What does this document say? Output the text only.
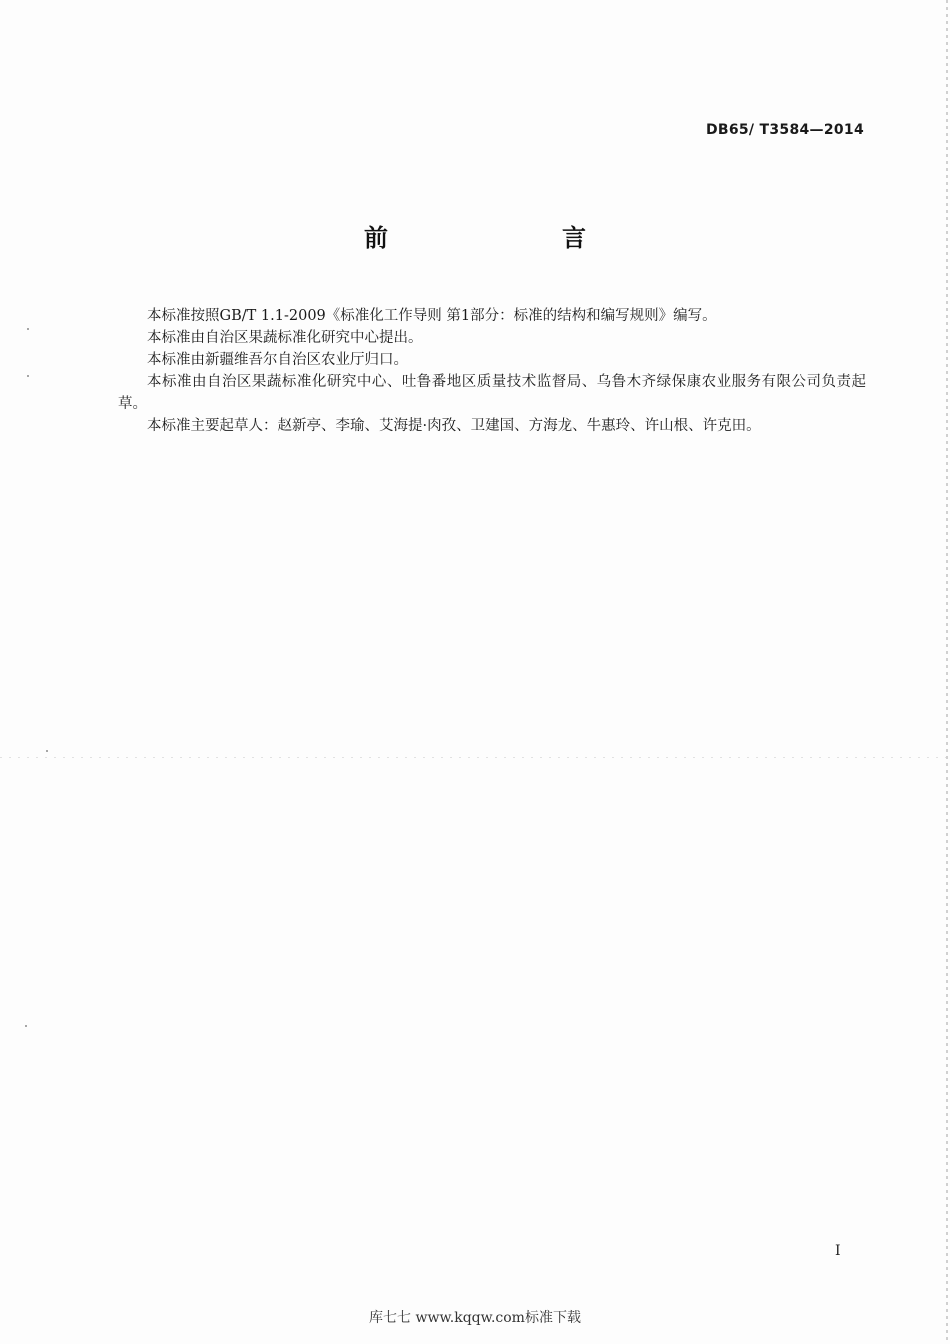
DB65/ T3584—2014
前　　言

本标准按照GB/T 1.1-2009《标准化工作导则 第1部分：标准的结构和编写规则》编写。

本标准由自治区果蔬标准化研究中心提出。

本标准由新疆维吾尔自治区农业厅归口。

本标准由自治区果蔬标准化研究中心、吐鲁番地区质量技术监督局、乌鲁木齐绿保康农业服务有限公司负责起草。

本标准主要起草人：赵新亭、李瑜、艾海提·肉孜、卫建国、方海龙、牛惠玲、许山根、许克田。

I
库七七 www.kqqw.com标准下载
